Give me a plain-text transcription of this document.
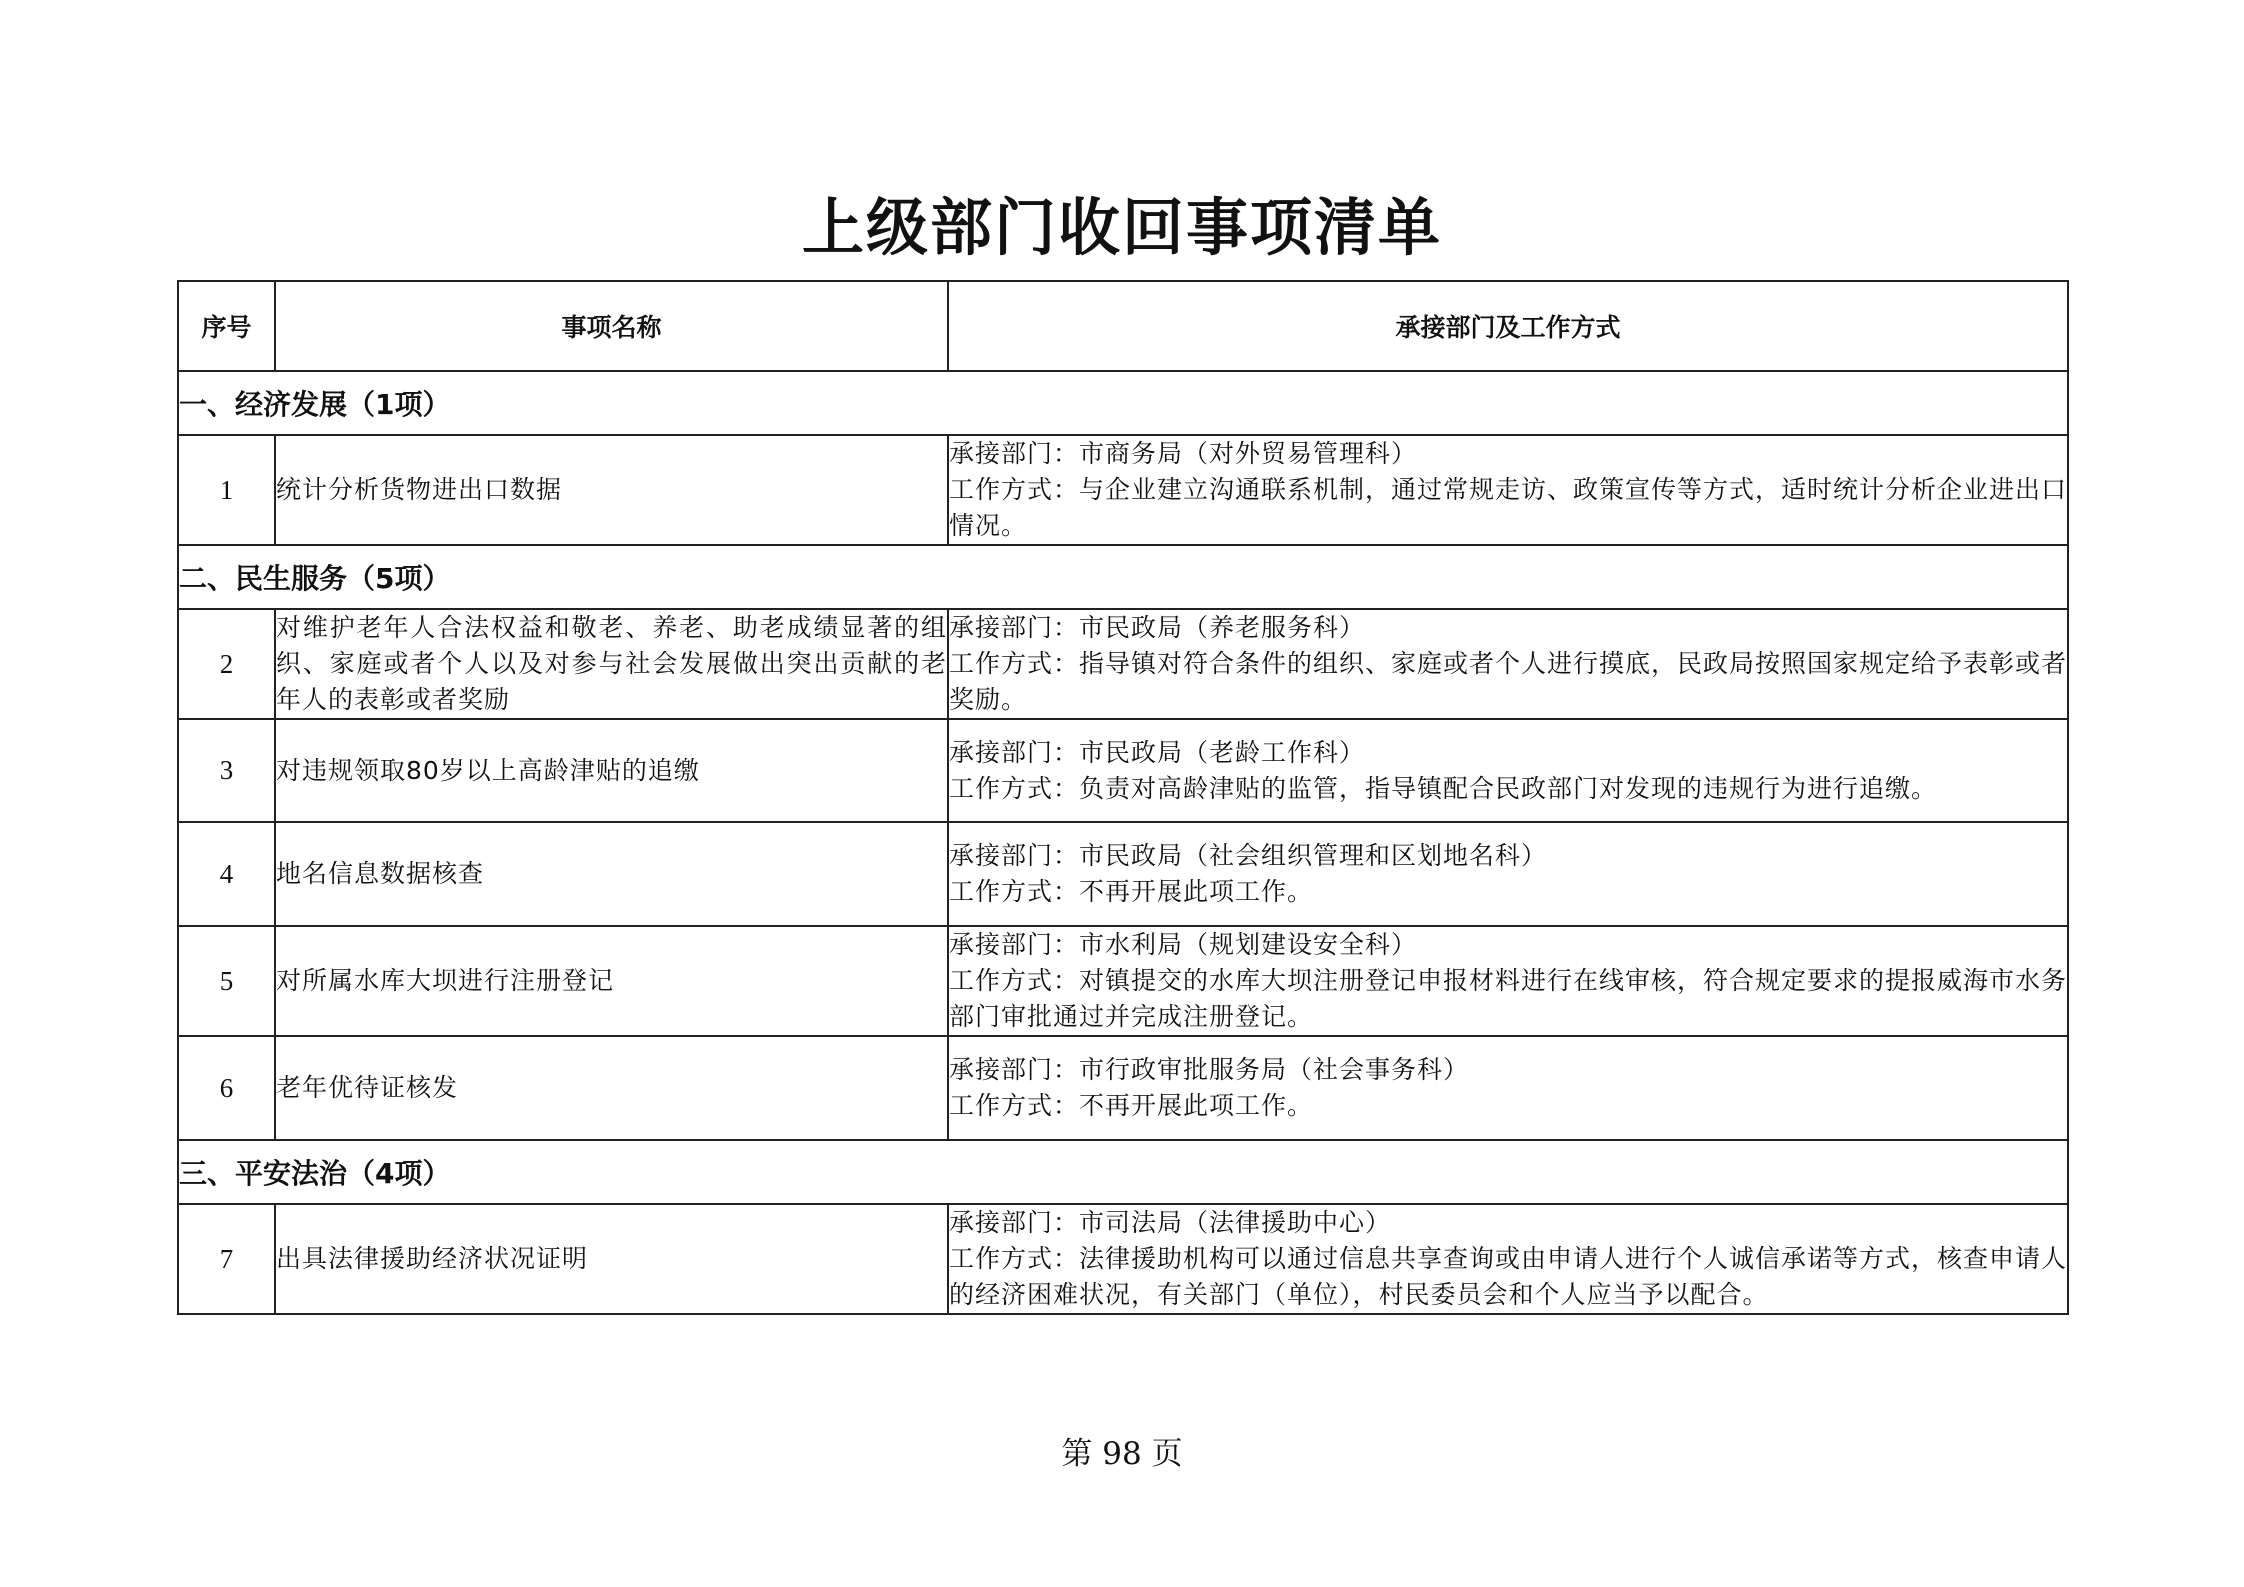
上级部门收回事项清单
序号	事项名称	承接部门及工作方式
一、经济发展（1项）		
1	统计分析货物进出口数据	承接部门：市商务局（对外贸易管理科）
工作方式：与企业建立沟通联系机制，通过常规走访、政策宣传等方式，适时统计分析企业进出口情况。
二、民生服务（5项）		
2	对维护老年人合法权益和敬老、养老、助老成绩显著的组织、家庭或者个人以及对参与社会发展做出突出贡献的老年人的表彰或者奖励	承接部门：市民政局（养老服务科）
工作方式：指导镇对符合条件的组织、家庭或者个人进行摸底，民政局按照国家规定给予表彰或者奖励。
3	对违规领取80岁以上高龄津贴的追缴	承接部门：市民政局（老龄工作科）
工作方式：负责对高龄津贴的监管，指导镇配合民政部门对发现的违规行为进行追缴。
4	地名信息数据核查	承接部门：市民政局（社会组织管理和区划地名科）
工作方式：不再开展此项工作。
5	对所属水库大坝进行注册登记	承接部门：市水利局（规划建设安全科）
工作方式：对镇提交的水库大坝注册登记申报材料进行在线审核，符合规定要求的提报威海市水务部门审批通过并完成注册登记。
6	老年优待证核发	承接部门：市行政审批服务局（社会事务科）
工作方式：不再开展此项工作。
三、平安法治（4项）		
7	出具法律援助经济状况证明	承接部门：市司法局（法律援助中心）
工作方式：法律援助机构可以通过信息共享查询或由申请人进行个人诚信承诺等方式，核查申请人的经济困难状况，有关部门（单位），村民委员会和个人应当予以配合。
第 98 页
